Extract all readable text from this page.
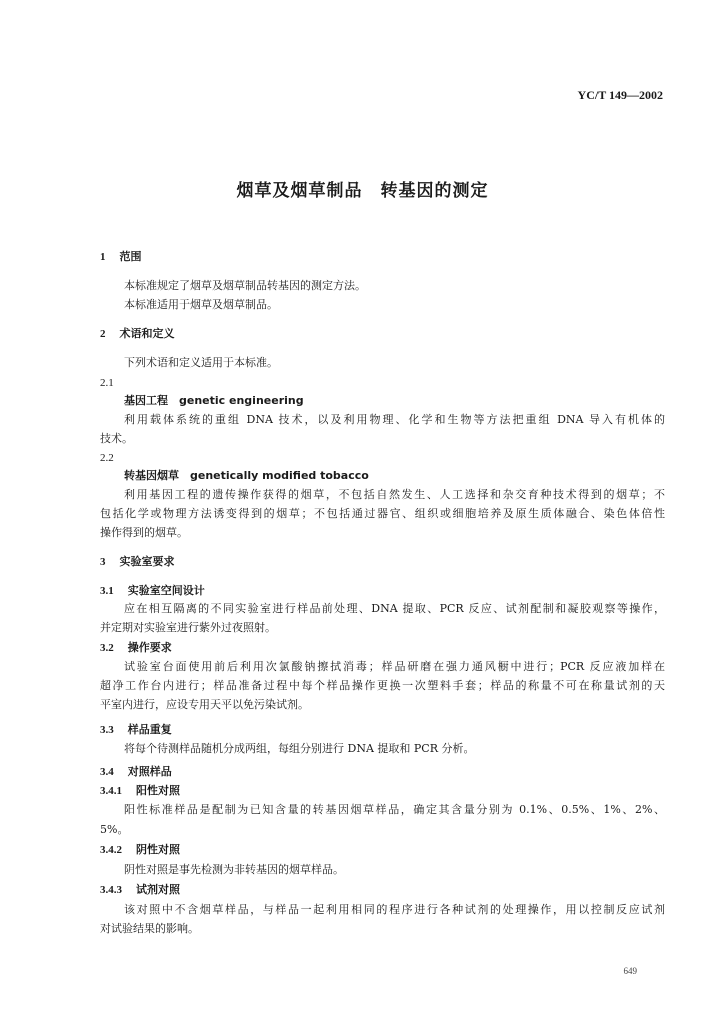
YC/T 149—2002
烟草及烟草制品　转基因的测定
1 范围
本标准规定了烟草及烟草制品转基因的测定方法。
本标准适用于烟草及烟草制品。
2 术语和定义
下列术语和定义适用于本标准。
2.1
基因工程　genetic engineering
利用载体系统的重组 DNA 技术，以及利用物理、化学和生物等方法把重组 DNA 导入有机体的
技术。
2.2
转基因烟草　genetically modified tobacco
利用基因工程的遗传操作获得的烟草，不包括自然发生、人工选择和杂交育种技术得到的烟草；不
包括化学或物理方法诱变得到的烟草；不包括通过器官、组织或细胞培养及原生质体融合、染色体倍性
操作得到的烟草。
3 实验室要求
3.1 实验室空间设计
应在相互隔离的不同实验室进行样品前处理、DNA 提取、PCR 反应、试剂配制和凝胶观察等操作，
并定期对实验室进行紫外过夜照射。
3.2 操作要求
试验室台面使用前后利用次氯酸钠擦拭消毒；样品研磨在强力通风橱中进行；PCR 反应液加样在
超净工作台内进行；样品准备过程中每个样品操作更换一次塑料手套；样品的称量不可在称量试剂的天
平室内进行，应设专用天平以免污染试剂。
3.3 样品重复
将每个待测样品随机分成两组，每组分别进行 DNA 提取和 PCR 分析。
3.4 对照样品
3.4.1 阳性对照
阳性标准样品是配制为已知含量的转基因烟草样品，确定其含量分别为 0.1%、0.5%、1%、2%、
5%。
3.4.2 阴性对照
阴性对照是事先检测为非转基因的烟草样品。
3.4.3 试剂对照
该对照中不含烟草样品，与样品一起利用相同的程序进行各种试剂的处理操作，用以控制反应试剂
对试验结果的影响。
649
